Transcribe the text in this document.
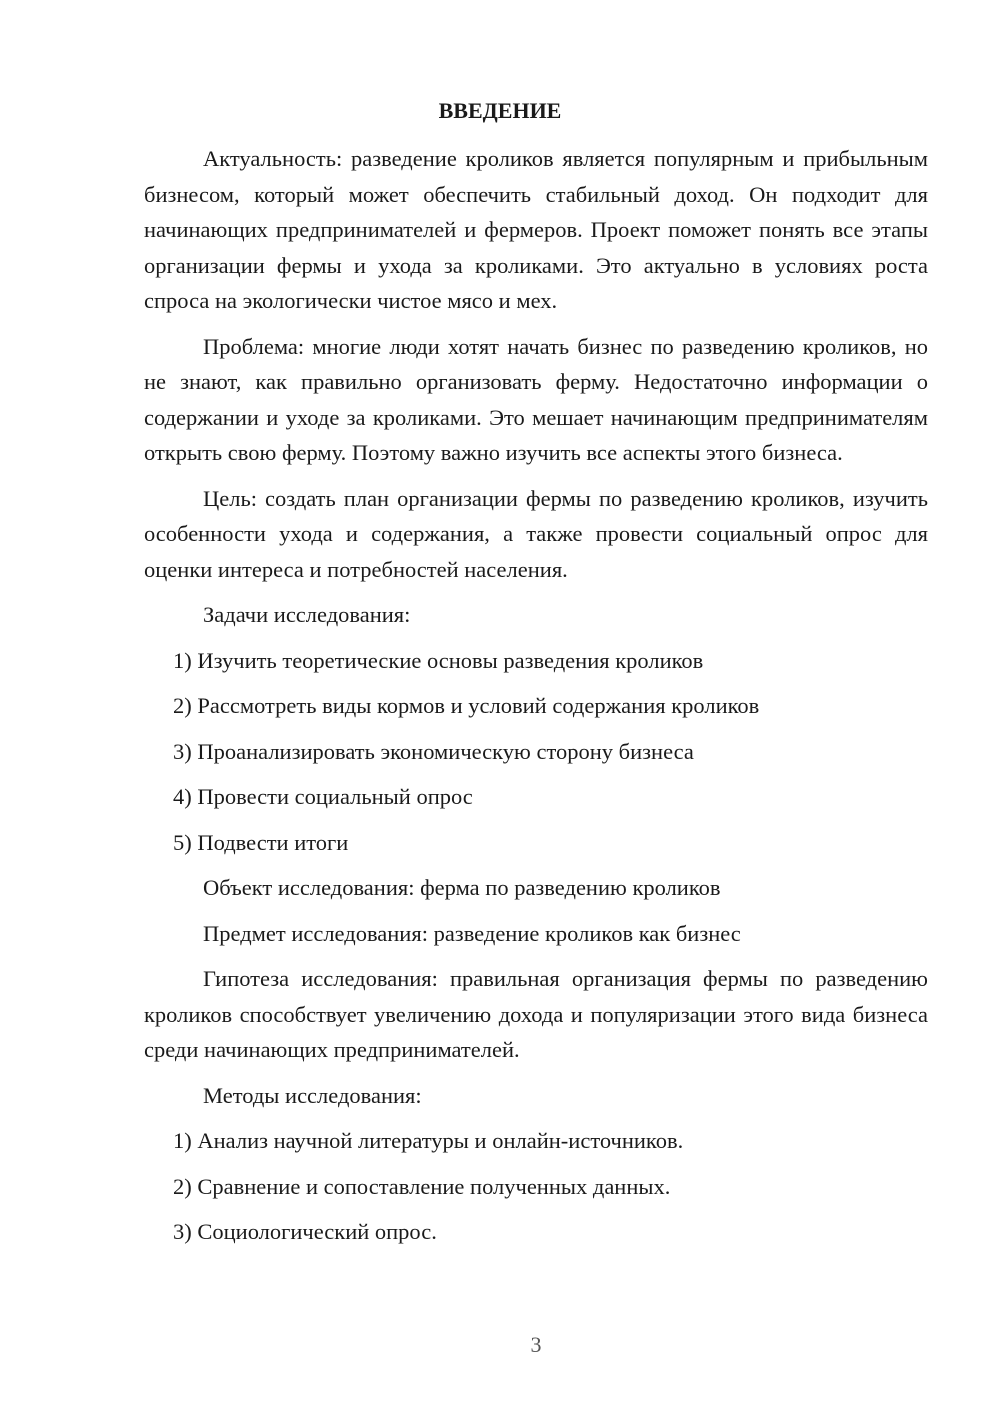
ВВЕДЕНИЕ

Актуальность: разведение кроликов является популярным и прибыльным бизнесом, который может обеспечить стабильный доход. Он подходит для начинающих предпринимателей и фермеров. Проект поможет понять все этапы организации фермы и ухода за кроликами. Это актуально в условиях роста спроса на экологически чистое мясо и мех.

Проблема: многие люди хотят начать бизнес по разведению кроликов, но не знают, как правильно организовать ферму. Недостаточно информации о содержании и уходе за кроликами. Это мешает начинающим предпринимателям открыть свою ферму. Поэтому важно изучить все аспекты этого бизнеса.

Цель: создать план организации фермы по разведению кроликов, изучить особенности ухода и содержания, а также провести социальный опрос для оценки интереса и потребностей населения.

Задачи исследования:
1) Изучить теоретические основы разведения кроликов
2) Рассмотреть виды кормов и условий содержания кроликов
3) Проанализировать экономическую сторону бизнеса
4) Провести социальный опрос
5) Подвести итоги
Объект исследования: ферма по разведению кроликов
Предмет исследования: разведение кроликов как бизнес

Гипотеза исследования: правильная организация фермы по разведению кроликов способствует увеличению дохода и популяризации этого вида бизнеса среди начинающих предпринимателей.

Методы исследования:
1) Анализ научной литературы и онлайн-источников.
2) Сравнение и сопоставление полученных данных.
3) Социологический опрос.
3
